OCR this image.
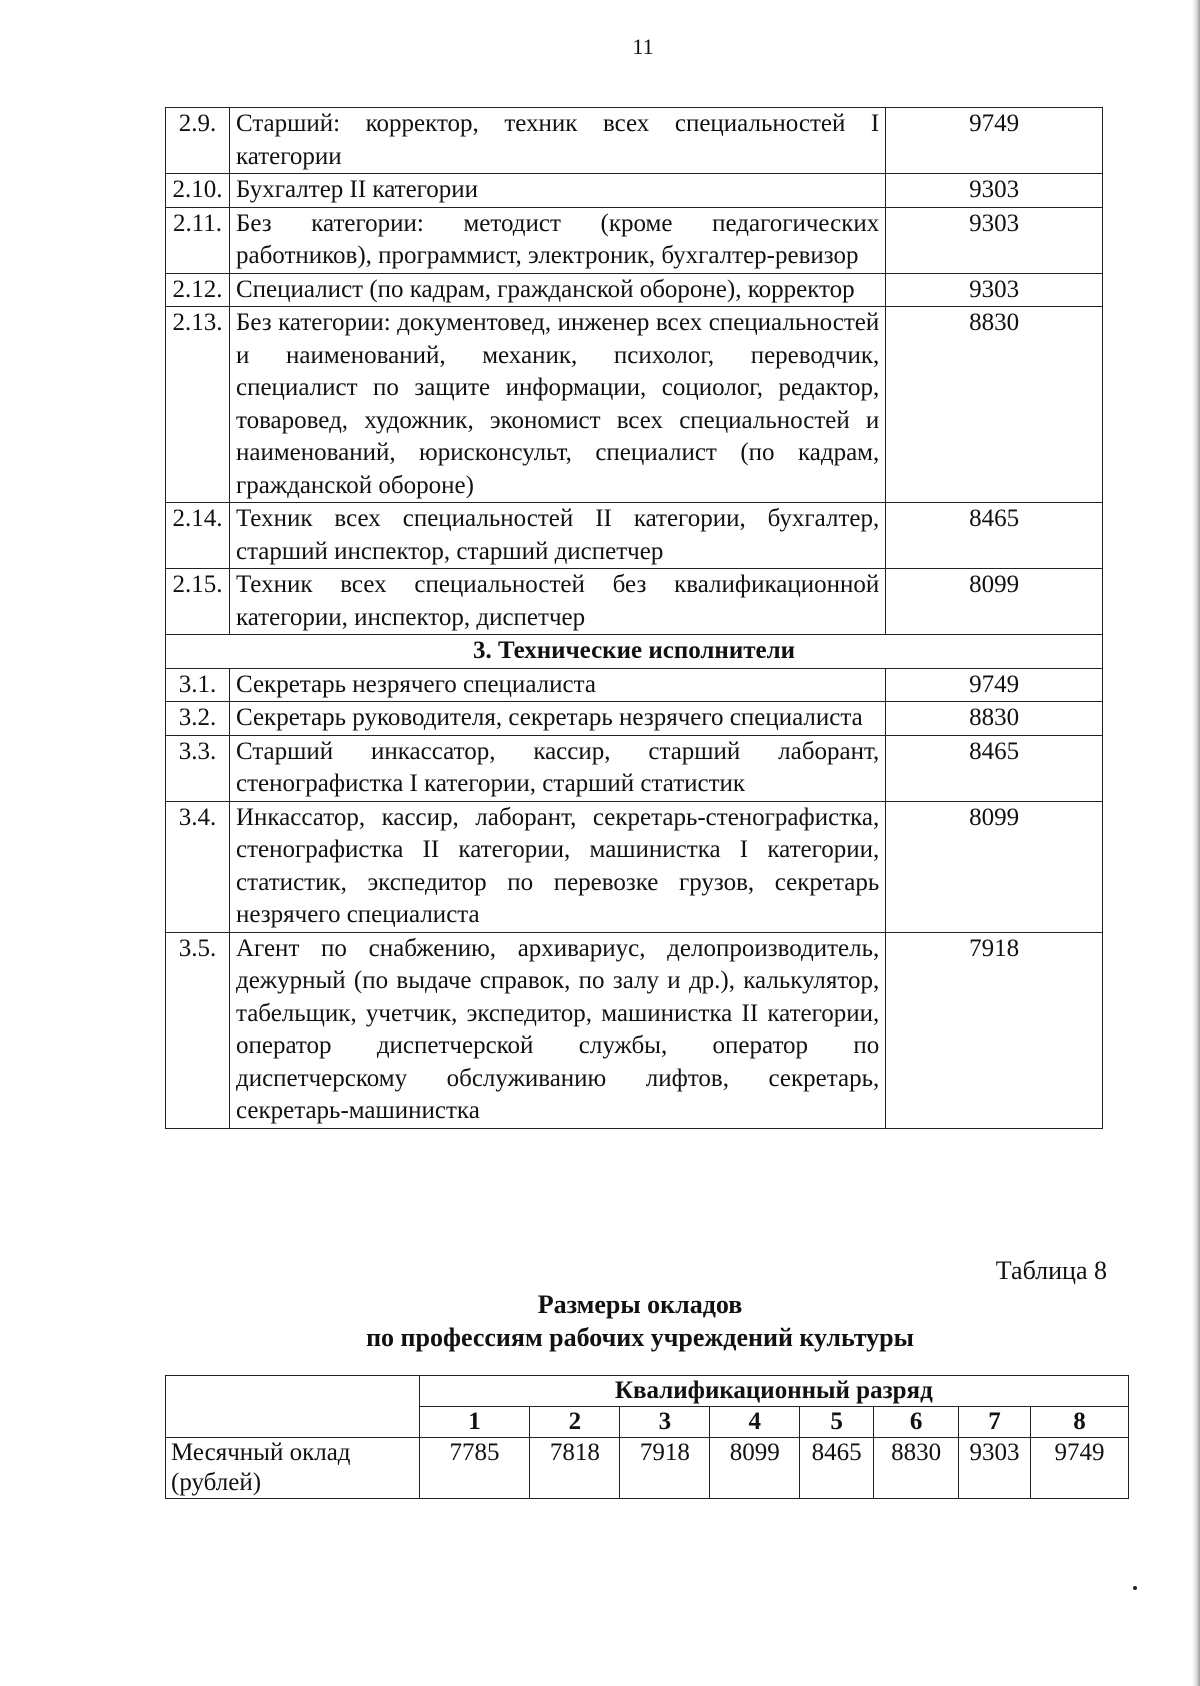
11
2.9.	Старший: корректор, техник всех специальностей I категории	9749
2.10.	Бухгалтер II категории	9303
2.11.	Без категории: методист (кроме педагогических работников), программист, электроник, бухгалтер-ревизор	9303
2.12.	Специалист (по кадрам, гражданской обороне), корректор	9303
2.13.	Без категории: документовед, инженер всех специальностей и наименований, механик, психолог, переводчик, специалист по защите информации, социолог, редактор, товаровед, художник, экономист всех специальностей и наименований, юрисконсульт, специалист (по кадрам, гражданской обороне)	8830
2.14.	Техник всех специальностей II категории, бухгалтер, старший инспектор, старший диспетчер	8465
2.15.	Техник всех специальностей без квалификационной категории, инспектор, диспетчер	8099
3. Технические исполнители		
3.1.	Секретарь незрячего специалиста	9749
3.2.	Секретарь руководителя, секретарь незрячего специалиста	8830
3.3.	Старший инкассатор, кассир, старший лаборант, стенографистка I категории, старший статистик	8465
3.4.	Инкассатор, кассир, лаборант, секретарь-стенографистка, стенографистка II категории, машинистка I категории, статистик, экспедитор по перевозке грузов, секретарь незрячего специалиста	8099
3.5.	Агент по снабжению, архивариус, делопроизводитель, дежурный (по выдаче справок, по залу и др.), калькулятор, табельщик, учетчик, экспедитор, машинистка II категории, оператор диспетчерской службы, оператор по диспетчерскому обслуживанию лифтов, секретарь, секретарь-машинистка	7918
Таблица 8
Размеры окладов
по профессиям рабочих учреждений культуры
	Квалификационный разряд							
	1	2	3	4	5	6	7	8
Месячный оклад (рублей)	7785	7818	7918	8099	8465	8830	9303	9749
